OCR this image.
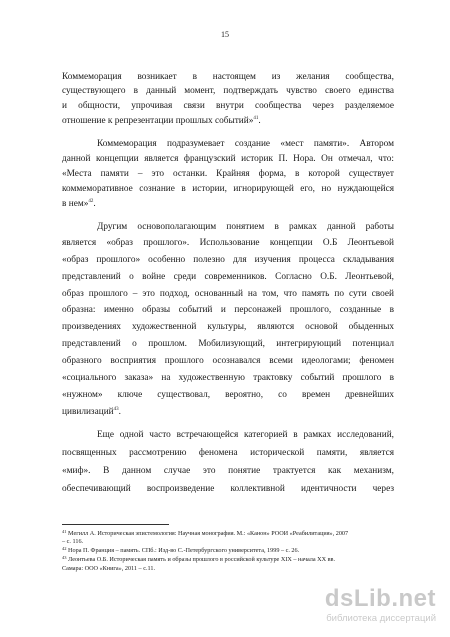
15
Коммеморация возникает в настоящем из желания сообщества,
существующего в данный момент, подтверждать чувство своего единства
и общности, упрочивая связи внутри сообщества через разделяемое
отношение к репрезентации прошлых событий»$^{41}$.
Коммеморация подразумевает создание «мест памяти». Автором
данной концепции является французский историк П. Нора. Он отмечал, что:
«Места памяти – это останки. Крайняя форма, в которой существует
коммеморативное сознание в истории, игнорирующей его, но нуждающейся
в нем»$^{42}$.
Другим основополагающим понятием в рамках данной работы
является «образ прошлого». Использование концепции О.Б Леонтьевой
«образ прошлого» особенно полезно для изучения процесса складывания
представлений о войне среди современников. Согласно О.Б. Леонтьевой,
образ прошлого – это подход, основанный на том, что память по сути своей
образна: именно образы событий и персонажей прошлого, созданные в
произведениях художественной культуры, являются основой обыденных
представлений о прошлом. Мобилизующий, интегрирующий потенциал
образного восприятия прошлого осознавался всеми идеологами; феномен
«социального заказа» на художественную трактовку событий прошлого в
«нужном» ключе существовал, вероятно, со времен древнейших
цивилизаций$^{43}$.
Еще одной часто встречающейся категорией в рамках исследований,
посвященных рассмотрению феномена исторической памяти, является
«миф». В данном случае это понятие трактуется как механизм,
обеспечивающий воспроизведение коллективной идентичности через
$^{41}$ Мегилл А. Историческая эпистемология: Научная монография. М.: «Канон» РООИ «Реабилитация», 2007
– с. 116.
$^{42}$ Нора П. Франция – память. СПб.: Изд-во С.-Петербургского университета, 1999 – с. 26.
$^{43}$ Леонтьева О.Б. Историческая память и образы прошлого в российской культуре XIX – начала XX вв.
Самара: ООО «Книга», 2011 – с.11.
dsLib.net
библиотека диссертаций
